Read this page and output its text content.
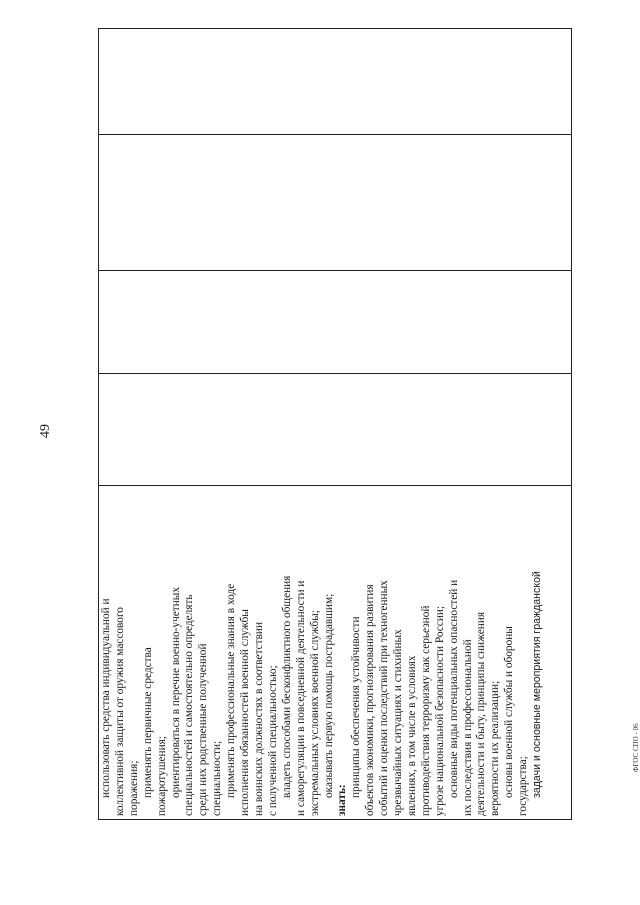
49
использовать средства индивидуальной и коллективной защиты от оружия массового поражения; применять первичные средства пожаротушения; ориентироваться в перечне военно-учетных специальностей и самостоятельно определять среди них родственные полученной специальности; применять профессиональные знания в ходе исполнения обязанностей военной службы на воинских должностях в соответствии с полученной специальностью; владеть способами бесконфликтного общения и саморегуляции в повседневной деятельности и экстремальных условиях военной службы; оказывать первую помощь пострадавшим;
знать:
принципы обеспечения устойчивости объектов экономики, прогнозирования развития событий и оценки последствий при техногенных чрезвычайных ситуациях и стихийных явлениях, в том числе в условиях противодействия терроризму как серьезной угрозе национальной безопасности России; основные виды потенциальных опасностей и их последствия в профессиональной деятельности и быту, принципы снижения вероятности их реализации; основы военной службы и обороны государства; задачи и основные мероприятия гражданской	ФГОС СПО - 06
